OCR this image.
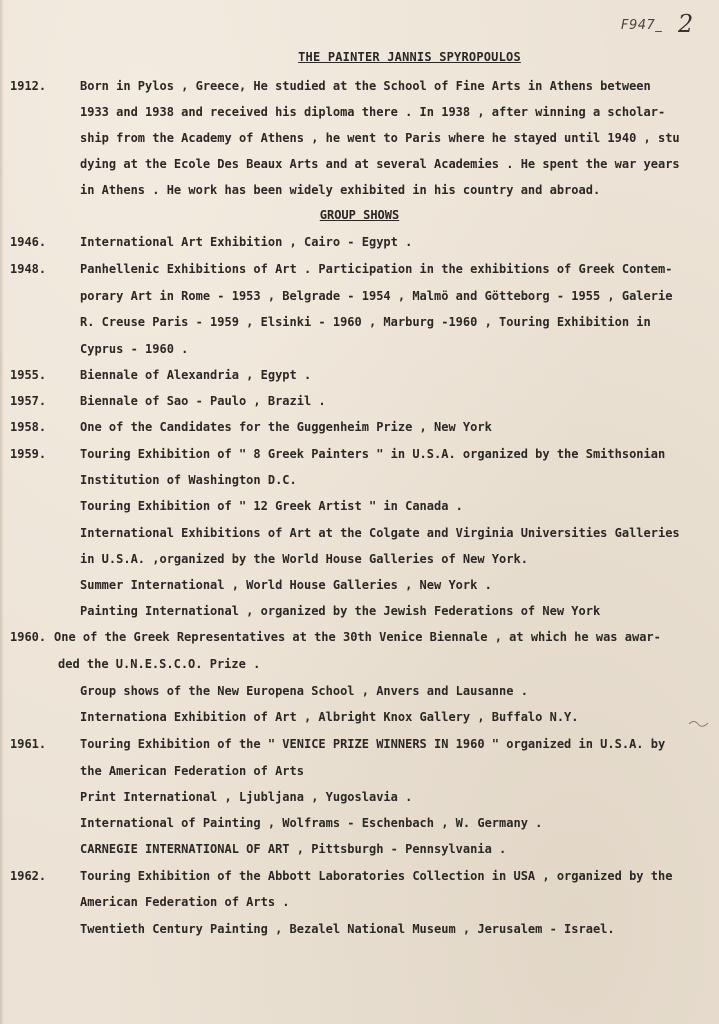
F947_ 2
THE PAINTER JANNIS SPYROPOULOS
1912.	Born in Pylos , Greece, He studied at the School of Fine Arts in Athens between
1933 and 1938 and received his diploma there . In 1938 , after winning a scholar-
ship from the Academy of Athens , he went to Paris where he stayed until 1940 , stu
dying at the Ecole Des Beaux Arts and at several Academies . He spent the war years
in Athens . He work has been widely exhibited in his country and abroad.
GROUP SHOWS
1946.	International Art Exhibition , Cairo - Egypt .
1948.	Panhellenic Exhibitions of Art . Participation in the exhibitions of Greek Contem-
porary Art in Rome - 1953 , Belgrade - 1954 , Malmö and Götteborg - 1955 , Galerie
R. Creuse Paris - 1959 , Elsinki - 1960 , Marburg -1960 , Touring Exhibition in
Cyprus - 1960 .
1955.	Biennale of Alexandria , Egypt .
1957.	Biennale of Sao - Paulo , Brazil .
1958.	One of the Candidates for the Guggenheim Prize , New York
1959.	Touring Exhibition of " 8 Greek Painters " in U.S.A. organized by the Smithsonian
Institution of Washington D.C.
Touring Exhibition of " 12 Greek Artist " in Canada .
International Exhibitions of Art at the Colgate and Virginia Universities Galleries
in U.S.A. ,organized by the World House Galleries of New York.
Summer International , World House Galleries , New York .
Painting International , organized by the Jewish Federations of New York
1960. One of the Greek Representatives at the 30th Venice Biennale , at which he was awar-
ded the U.N.E.S.C.O. Prize .
Group shows of the New Europena School , Anvers and Lausanne .
Internationa Exhibition of Art , Albright Knox Gallery , Buffalo N.Y.
1961.	Touring Exhibition of the " VENICE PRIZE WINNERS IN 1960 " organized in U.S.A. by
the American Federation of Arts
Print International , Ljubljana , Yugoslavia .
International of Painting , Wolframs - Eschenbach , W. Germany .
CARNEGIE INTERNATIONAL OF ART , Pittsburgh - Pennsylvania .
1962.	Touring Exhibition of the Abbott Laboratories Collection in USA , organized by the
American Federation of Arts .
Twentieth Century Painting , Bezalel National Museum , Jerusalem - Israel.
